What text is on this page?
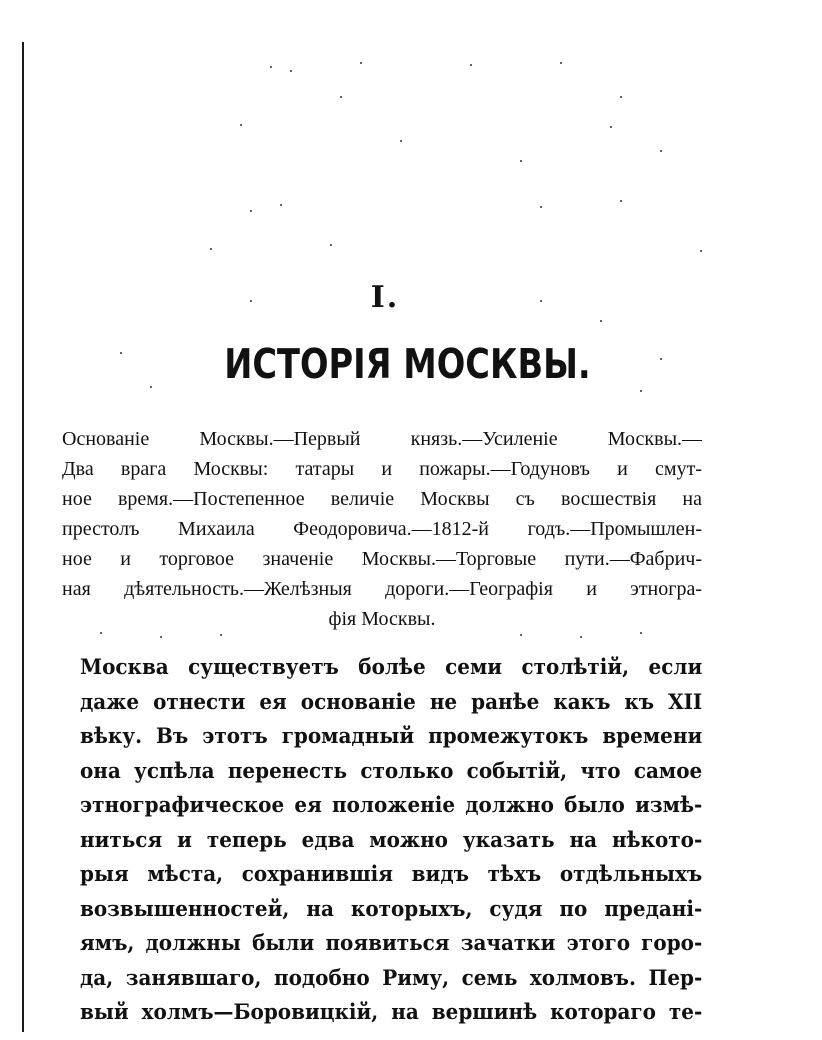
I.
ИСТОРІЯ МОСКВЫ.
Основанiе Москвы.—Первый князь.—Усиленiе Москвы.—
Два врага Москвы: татары и пожары.—Годуновъ и смут-
ное время.—Постепенное величiе Москвы съ восшествiя на
престолъ Михаила Феодоровича.—1812-й годъ.—Промышлен-
ное и торговое значенiе Москвы.—Торговые пути.—Фабрич-
ная дѣятельность.—Желѣзныя дороги.—Географiя и этногра-
фiя Москвы.
Москва существуетъ болѣе семи столѣтiй, если
даже отнести ея основанiе не ранѣе какъ къ XII
вѣку. Въ этотъ громадный промежутокъ времени
она успѣла перенесть столько событiй, что самое
этнографическое ея положенiе должно было измѣ-
ниться и теперь едва можно указать на нѣкото-
рыя мѣста, сохранившiя видъ тѣхъ отдѣльныхъ
возвышенностей, на которыхъ, судя по преданi-
ямъ, должны были появиться зачатки этого горо-
да, занявшаго, подобно Риму, семь холмовъ. Пер-
вый холмъ—Боровицкiй, на вершинѣ котораго те-
